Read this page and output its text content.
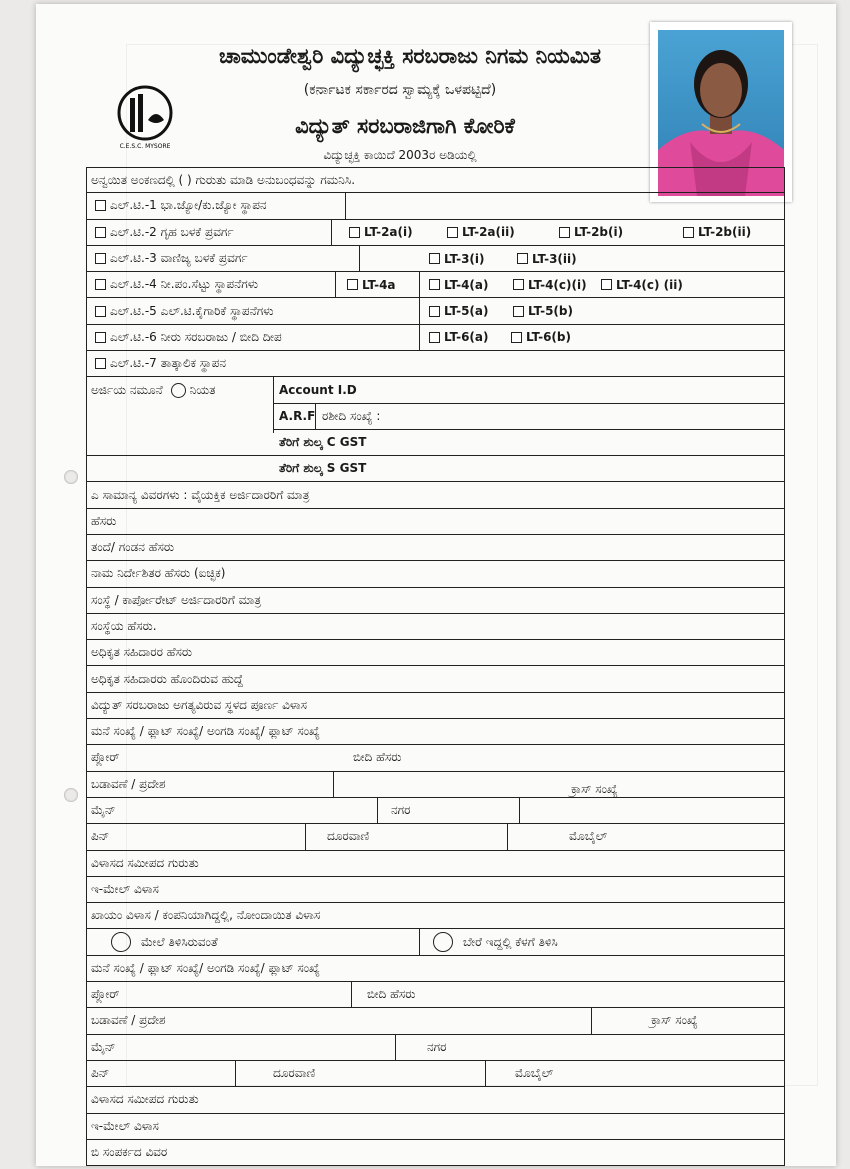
C.E.S.C. MYSORE
ಚಾಮುಂಡೇಶ್ವರಿ ವಿದ್ಯುಚ್ಛಕ್ತಿ ಸರಬರಾಜು ನಿಗಮ ನಿಯಮಿತ
(ಕರ್ನಾಟಕ ಸರ್ಕಾರದ ಸ್ವಾಮ್ಯಕ್ಕೆ ಒಳಪಟ್ಟಿದೆ)
ವಿದ್ಯುತ್ ಸರಬರಾಜಿಗಾಗಿ ಕೋರಿಕೆ
ವಿದ್ಯುಚ್ಛಕ್ತಿ ಕಾಯಿದೆ 2003ರ ಅಡಿಯಲ್ಲಿ
ಅನ್ವಯಿತ ಅಂಕಣದಲ್ಲಿ ( ) ಗುರುತು ಮಾಡಿ ಅನುಬಂಧವನ್ನು ಗಮನಿಸಿ.
ಎಲ್.ಟಿ.-1 ಭಾ.ಜ್ಯೋ/ಕು.ಜ್ಯೋ ಸ್ಥಾಪನ
ಎಲ್.ಟಿ.-2 ಗೃಹ ಬಳಕೆ ಪ್ರವರ್ಗ	LT-2a(i)	LT-2a(ii)	LT-2b(i)	LT-2b(ii)
ಎಲ್.ಟಿ.-3 ವಾಣಿಜ್ಯ ಬಳಕೆ ಪ್ರವರ್ಗ	LT-3(i)	LT-3(ii)
ಎಲ್.ಟಿ.-4 ನೀ.ಪಂ.ಸೆಟ್ಟು ಸ್ಥಾಪನೆಗಳು	LT-4a	LT-4(a)	LT-4(c)(i) LT-4(c) (ii)
ಎಲ್.ಟಿ.-5 ಎಲ್.ಟಿ.ಕೈಗಾರಿಕೆ ಸ್ಥಾಪನೆಗಳು	LT-5(a)	LT-5(b)
ಎಲ್.ಟಿ.-6 ನೀರು ಸರಬರಾಜು / ಬೀದಿ ದೀಪ	LT-6(a)	LT-6(b)
ಎಲ್.ಟಿ.-7 ತಾತ್ಕಾಲಿಕ ಸ್ಥಾಪನ
ಅರ್ಜಿಯ ನಮೂನೆ
ನಿಯತ	Account I.D
A.R.F ರಶೀದಿ ಸಂಖ್ಯೆ :
ತೆರಿಗೆ ಶುಲ್ಕ C GST
ತೆರಿಗೆ ಶುಲ್ಕ S GST
ಎ ಸಾಮಾನ್ಯ ವಿವರಗಳು : ವೈಯಕ್ತಿಕ ಅರ್ಜಿದಾರರಿಗೆ ಮಾತ್ರ
ಹೆಸರು
ತಂದೆ/ ಗಂಡನ ಹೆಸರು
ನಾಮ ನಿರ್ದೇಶಿತರ ಹೆಸರು (ಐಚ್ಛಿಕ)
ಸಂಸ್ಥೆ / ಕಾರ್ಪೋರೇಟ್ ಅರ್ಜಿದಾರರಿಗೆ ಮಾತ್ರ
ಸಂಸ್ಥೆಯ ಹೆಸರು.
ಅಧಿಕೃತ ಸಹಿದಾರರ ಹೆಸರು
ಅಧಿಕೃತ ಸಹಿದಾರರು ಹೊಂದಿರುವ ಹುದ್ದೆ
ವಿದ್ಯುತ್ ಸರಬರಾಜು ಅಗತ್ಯವಿರುವ ಸ್ಥಳದ ಪೂರ್ಣ ವಿಳಾಸ
ಮನೆ ಸಂಖ್ಯೆ / ಫ್ಲಾಟ್ ಸಂಖ್ಯೆ/ ಅಂಗಡಿ ಸಂಖ್ಯೆ/ ಫ್ಲಾಟ್ ಸಂಖ್ಯೆ
ಪ್ಲೋರ್	ಬೀದಿ ಹೆಸರು
ಬಡಾವಣೆ / ಪ್ರದೇಶ	ಕ್ರಾಸ್ ಸಂಖ್ಯೆ
ಮೈನ್	ನಗರ
ಪಿನ್	ದೂರವಾಣಿ	ಮೊಬೈಲ್
ವಿಳಾಸದ ಸಮೀಪದ ಗುರುತು
ಇ-ಮೇಲ್ ವಿಳಾಸ
ಖಾಯಂ ವಿಳಾಸ / ಕಂಪನಿಯಾಗಿದ್ದಲ್ಲಿ, ನೋಂದಾಯಿತ ವಿಳಾಸ
ಮೇಲೆ ತಿಳಿಸಿರುವಂತೆ	ಬೇರೆ ಇದ್ದಲ್ಲಿ ಕೆಳಗೆ ತಿಳಿಸಿ
ಮನೆ ಸಂಖ್ಯೆ / ಫ್ಲಾಟ್ ಸಂಖ್ಯೆ/ ಅಂಗಡಿ ಸಂಖ್ಯೆ/ ಫ್ಲಾಟ್ ಸಂಖ್ಯೆ
ಪ್ಲೋರ್	ಬೀದಿ ಹೆಸರು
ಬಡಾವಣೆ / ಪ್ರದೇಶ	ಕ್ರಾಸ್ ಸಂಖ್ಯೆ
ಮೈನ್	ನಗರ
ಪಿನ್	ದೂರವಾಣಿ	ಮೊಬೈಲ್
ವಿಳಾಸದ ಸಮೀಪದ ಗುರುತು
ಇ-ಮೇಲ್ ವಿಳಾಸ
ಬಿ ಸಂಪರ್ಕದ ವಿವರ
